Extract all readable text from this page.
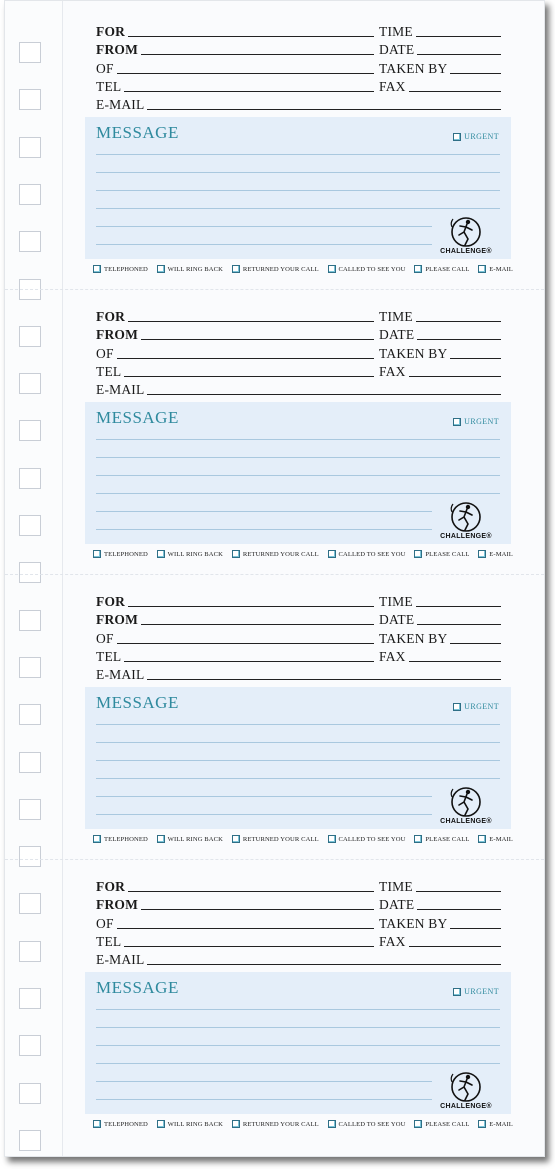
FOR	TIME
FROM	DATE
OF	TAKEN BY
TEL	FAX
E-MAIL
MESSAGE	URGENT
CHALLENGE®
TELEPHONED	WILL RING BACK	RETURNED YOUR CALL	CALLED TO SEE YOU	PLEASE CALL	E-MAIL
FOR	TIME
FROM	DATE
OF	TAKEN BY
TEL	FAX
E-MAIL
MESSAGE	URGENT
CHALLENGE®
TELEPHONED	WILL RING BACK	RETURNED YOUR CALL	CALLED TO SEE YOU	PLEASE CALL	E-MAIL
FOR	TIME
FROM	DATE
OF	TAKEN BY
TEL	FAX
E-MAIL
MESSAGE	URGENT
CHALLENGE®
TELEPHONED	WILL RING BACK	RETURNED YOUR CALL	CALLED TO SEE YOU	PLEASE CALL	E-MAIL
FOR	TIME
FROM	DATE
OF	TAKEN BY
TEL	FAX
E-MAIL
MESSAGE	URGENT
CHALLENGE®
TELEPHONED	WILL RING BACK	RETURNED YOUR CALL	CALLED TO SEE YOU	PLEASE CALL	E-MAIL
